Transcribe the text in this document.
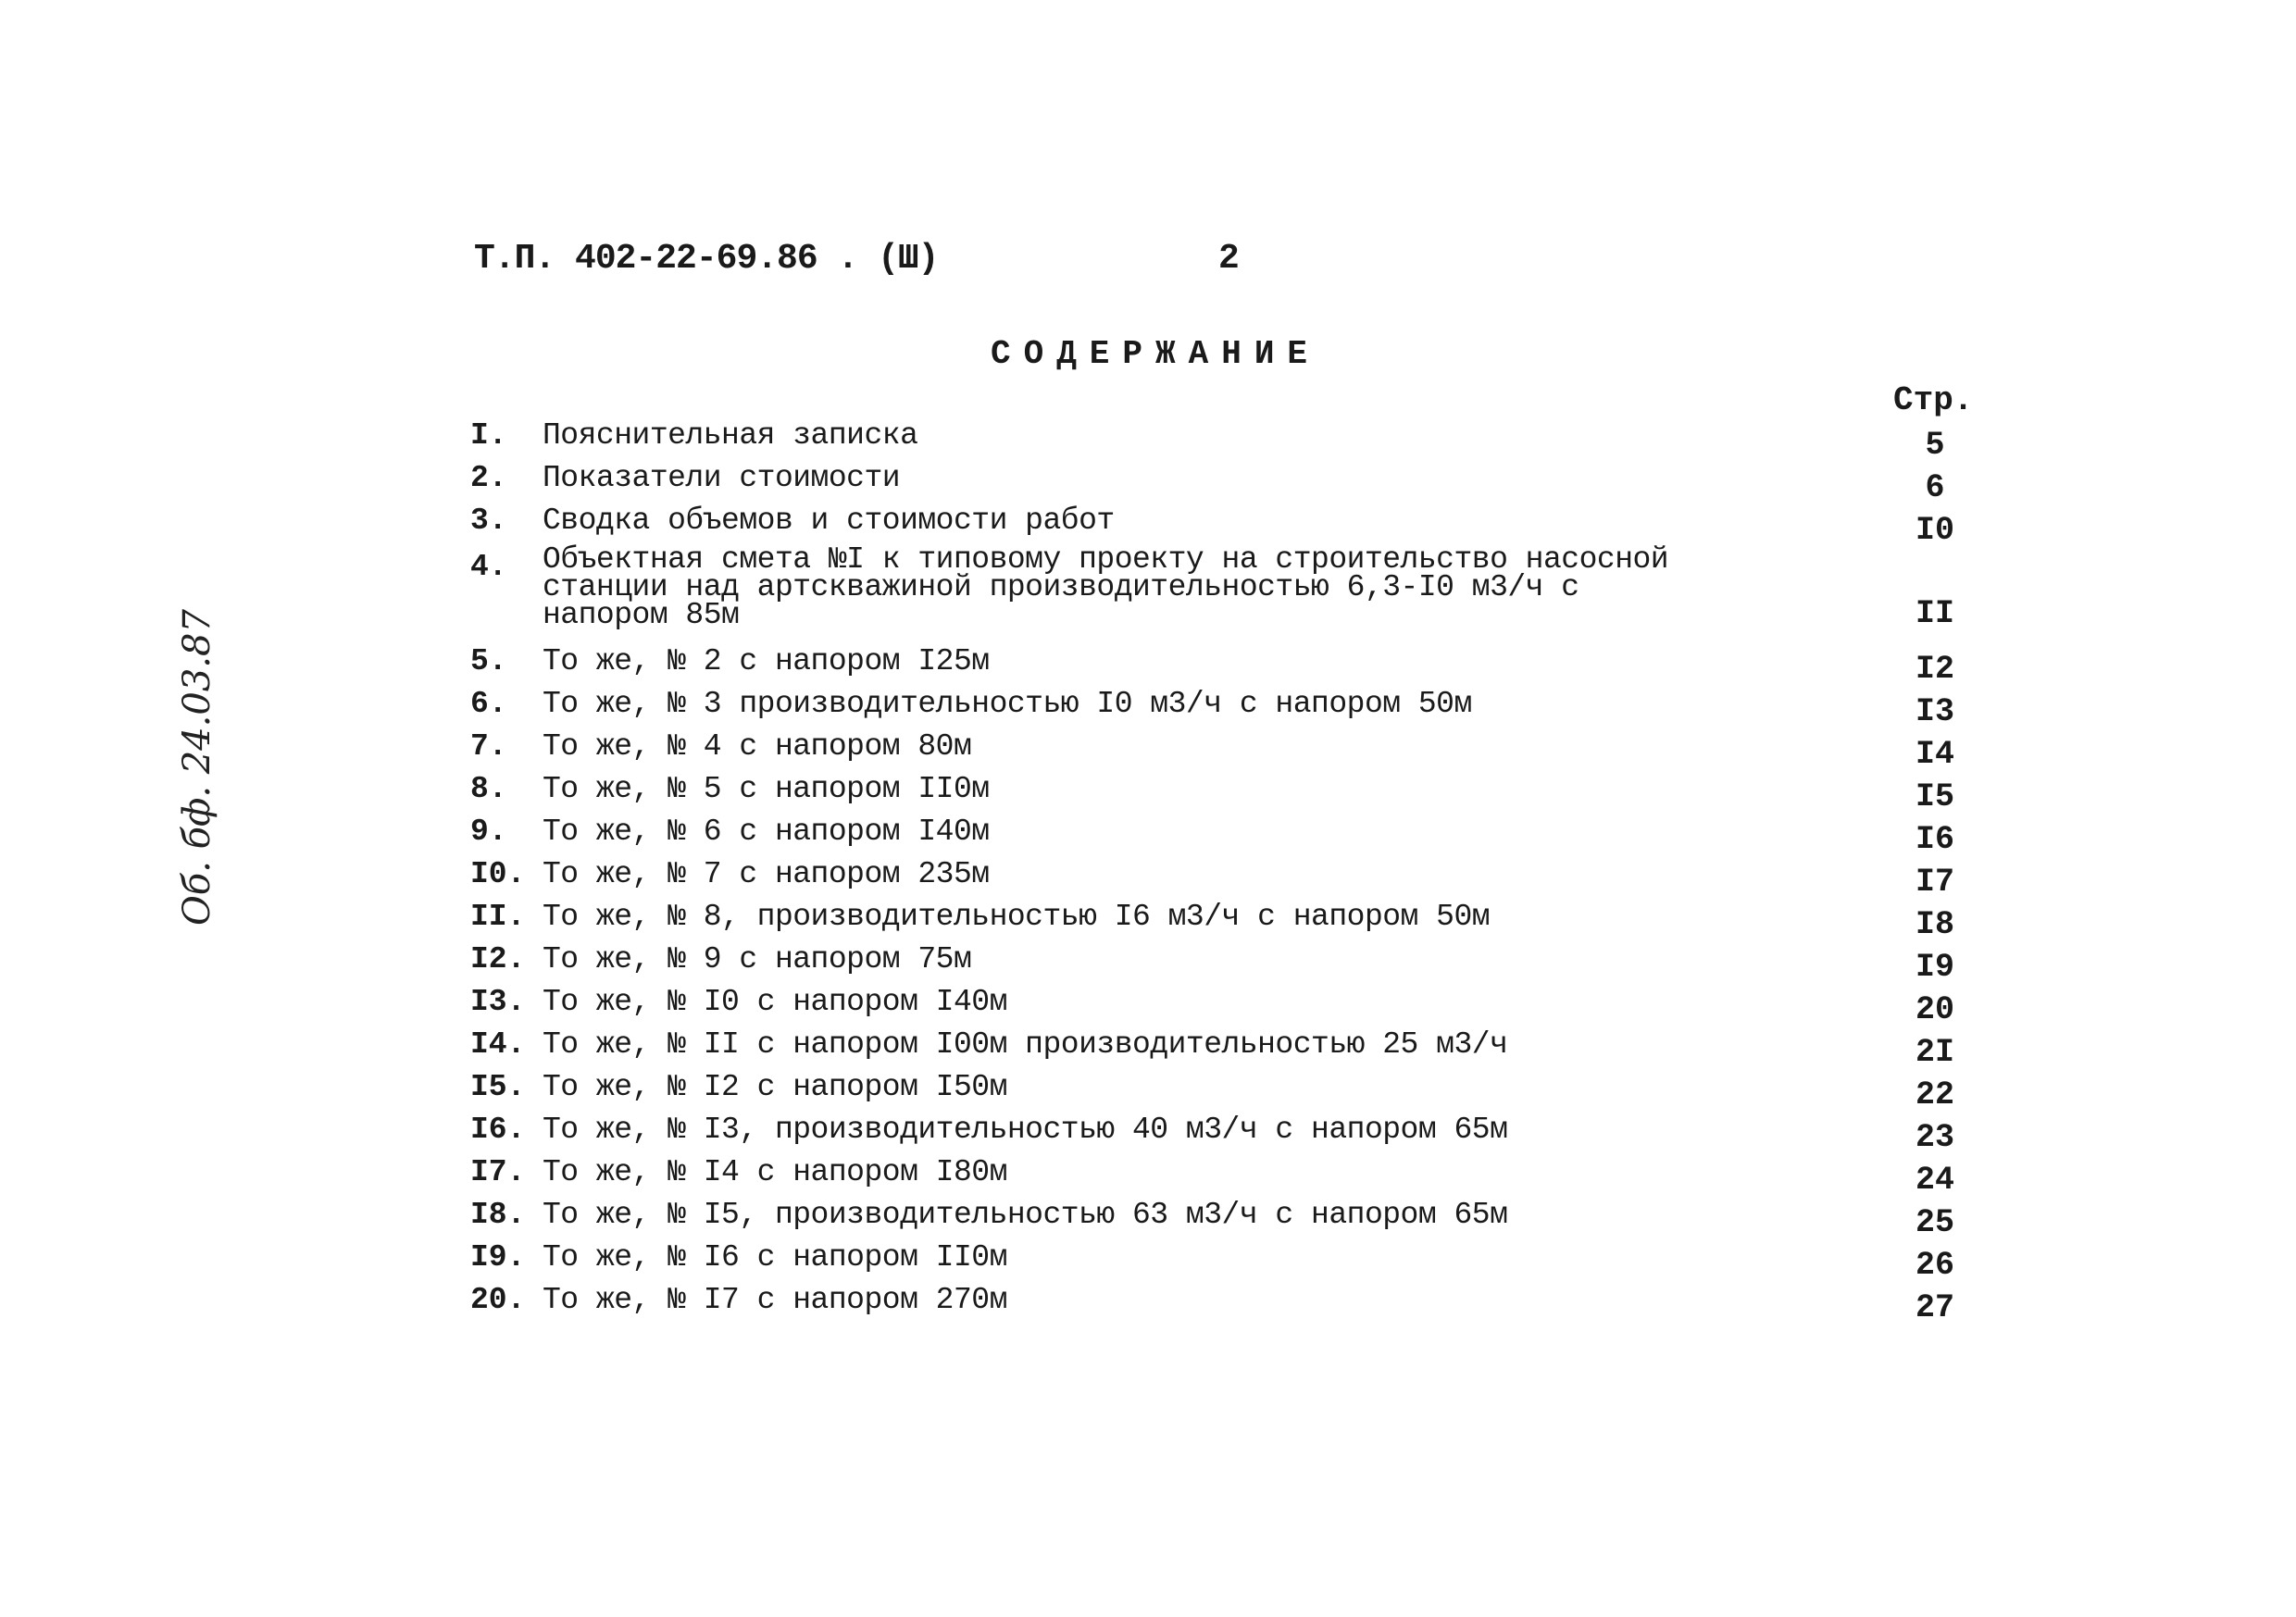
Т.П. 402-22-69.86 . (Ш)	2
СОДЕРЖАНИЕ
Стр.
I. Пояснительная записка	5
2. Показатели стоимости	6
3. Сводка объемов и стоимости работ	I0
4. Объектная смета №I к типовому проекту на строительство насосной станции над артскважиной производительностью 6,3-I0 м3/ч с напором 85м	II
5. То же, № 2 с напором I25м	I2
6. То же, № 3 производительностью I0 м3/ч с напором 50м	I3
7. То же, № 4 с напором 80м	I4
8. То же, № 5 с напором II0м	I5
9. То же, № 6 с напором I40м	I6
I0. То же, № 7 с напором 235м	I7
II. То же, № 8, производительностью I6 м3/ч с напором 50м	I8
I2. То же, № 9 с напором 75м	I9
I3. То же, № I0 с напором I40м	20
I4. То же, № II с напором I00м производительностью 25 м3/ч	2I
I5. То же, № I2 с напором I50м	22
I6. То же, № I3, производительностью 40 м3/ч с напором 65м	23
I7. То же, № I4 с напором I80м	24
I8. То же, № I5, производительностью 63 м3/ч с напором 65м	25
I9. То же, № I6 с напором II0м	26
20. То же, № I7 с напором 270м	27
Об. бф. 24.03.87
